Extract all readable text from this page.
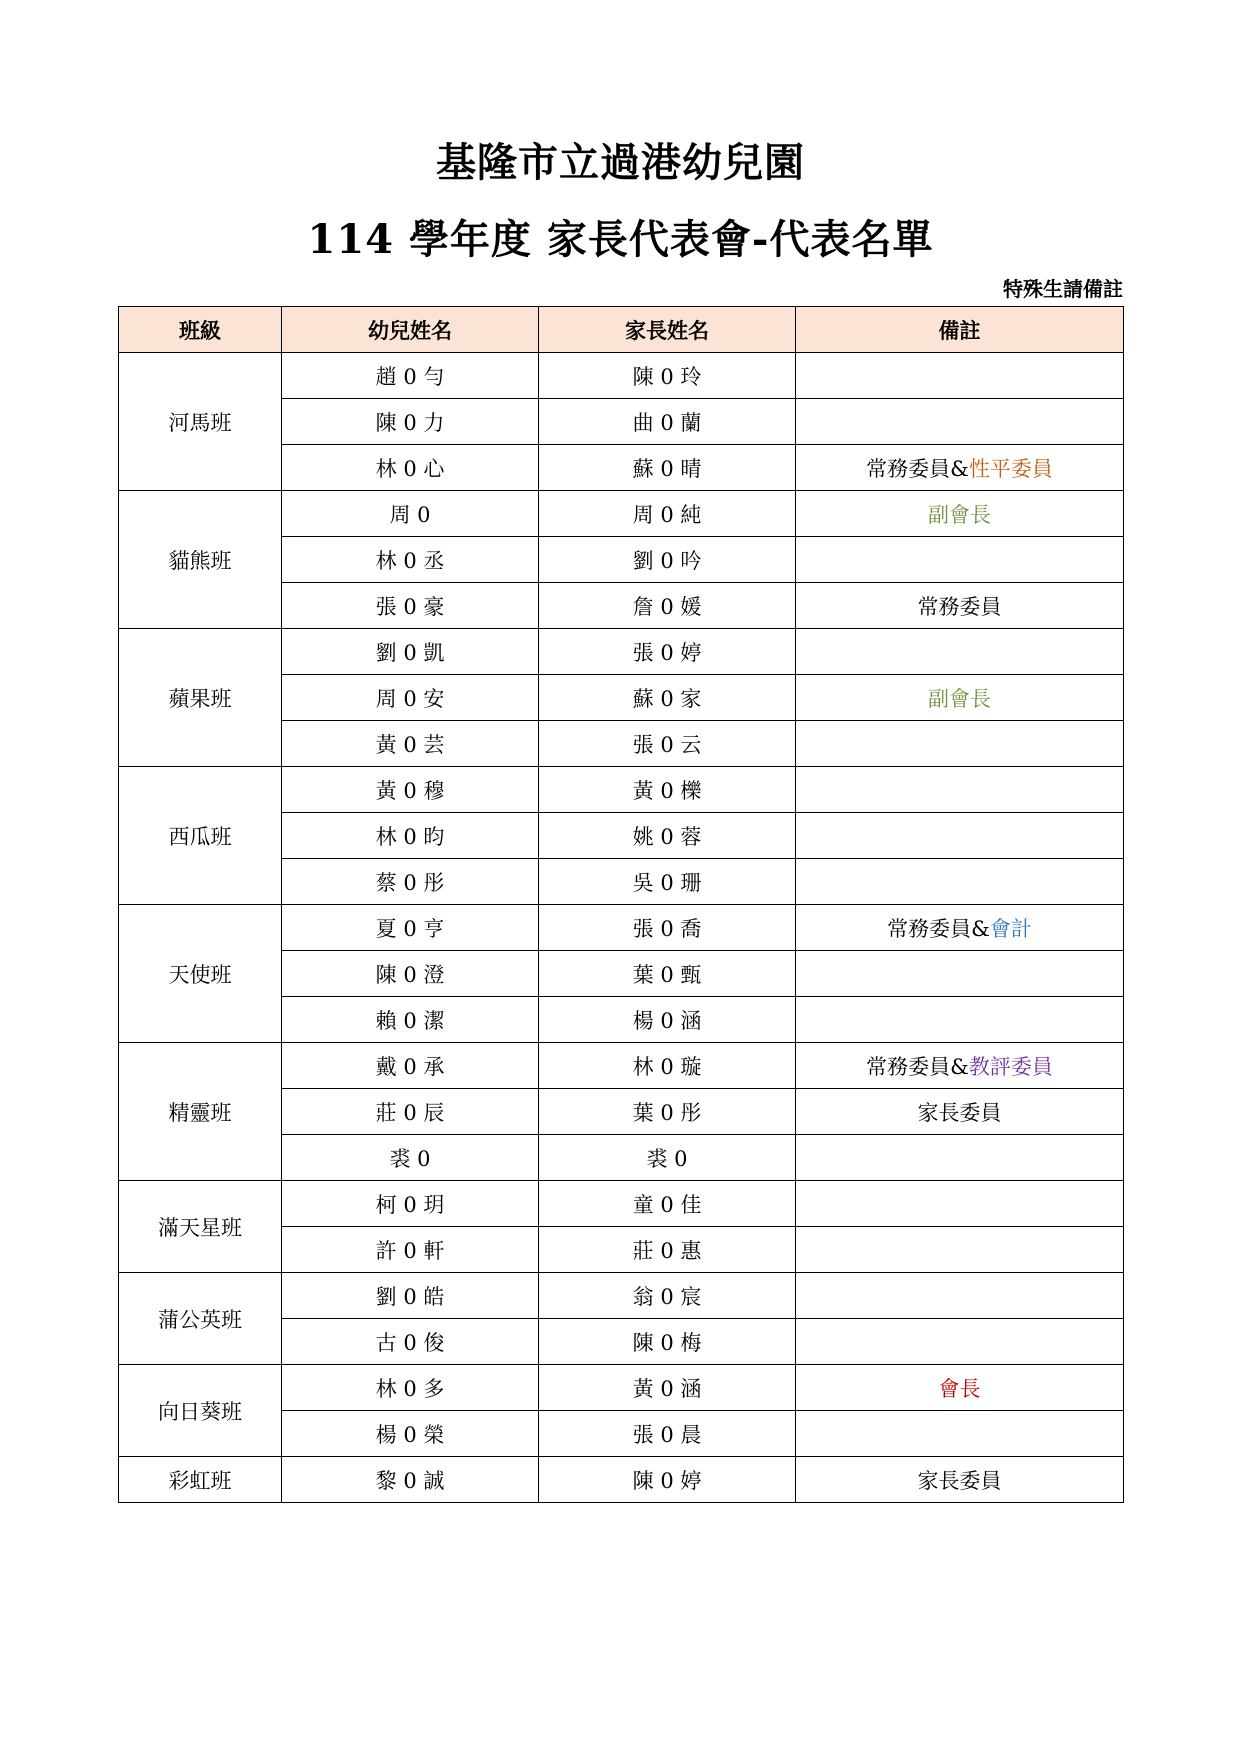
基隆市立過港幼兒園
114 學年度 家長代表會-代表名單
特殊生請備註
班級	幼兒姓名	家長姓名	備註
河馬班	趙 0 勻	陳 0 玲	
	陳 0 力	曲 0 蘭	
	林 0 心	蘇 0 晴	常務委員&性平委員
貓熊班	周 0	周 0 純	副會長
	林 0 丞	劉 0 吟	
	張 0 豪	詹 0 媛	常務委員
蘋果班	劉 0 凱	張 0 婷	
	周 0 安	蘇 0 家	副會長
	黃 0 芸	張 0 云	
西瓜班	黃 0 穆	黃 0 櫟	
	林 0 昀	姚 0 蓉	
	蔡 0 彤	吳 0 珊	
天使班	夏 0 亨	張 0 喬	常務委員&會計
	陳 0 澄	葉 0 甄	
	賴 0 潔	楊 0 涵	
精靈班	戴 0 承	林 0 璇	常務委員&教評委員
	莊 0 辰	葉 0 彤	家長委員
	裘 0	裘 0	
滿天星班	柯 0 玥	童 0 佳	
	許 0 軒	莊 0 惠	
蒲公英班	劉 0 皓	翁 0 宸	
	古 0 俊	陳 0 梅	
向日葵班	林 0 多	黃 0 涵	會長
	楊 0 榮	張 0 晨	
彩虹班	黎 0 誠	陳 0 婷	家長委員
